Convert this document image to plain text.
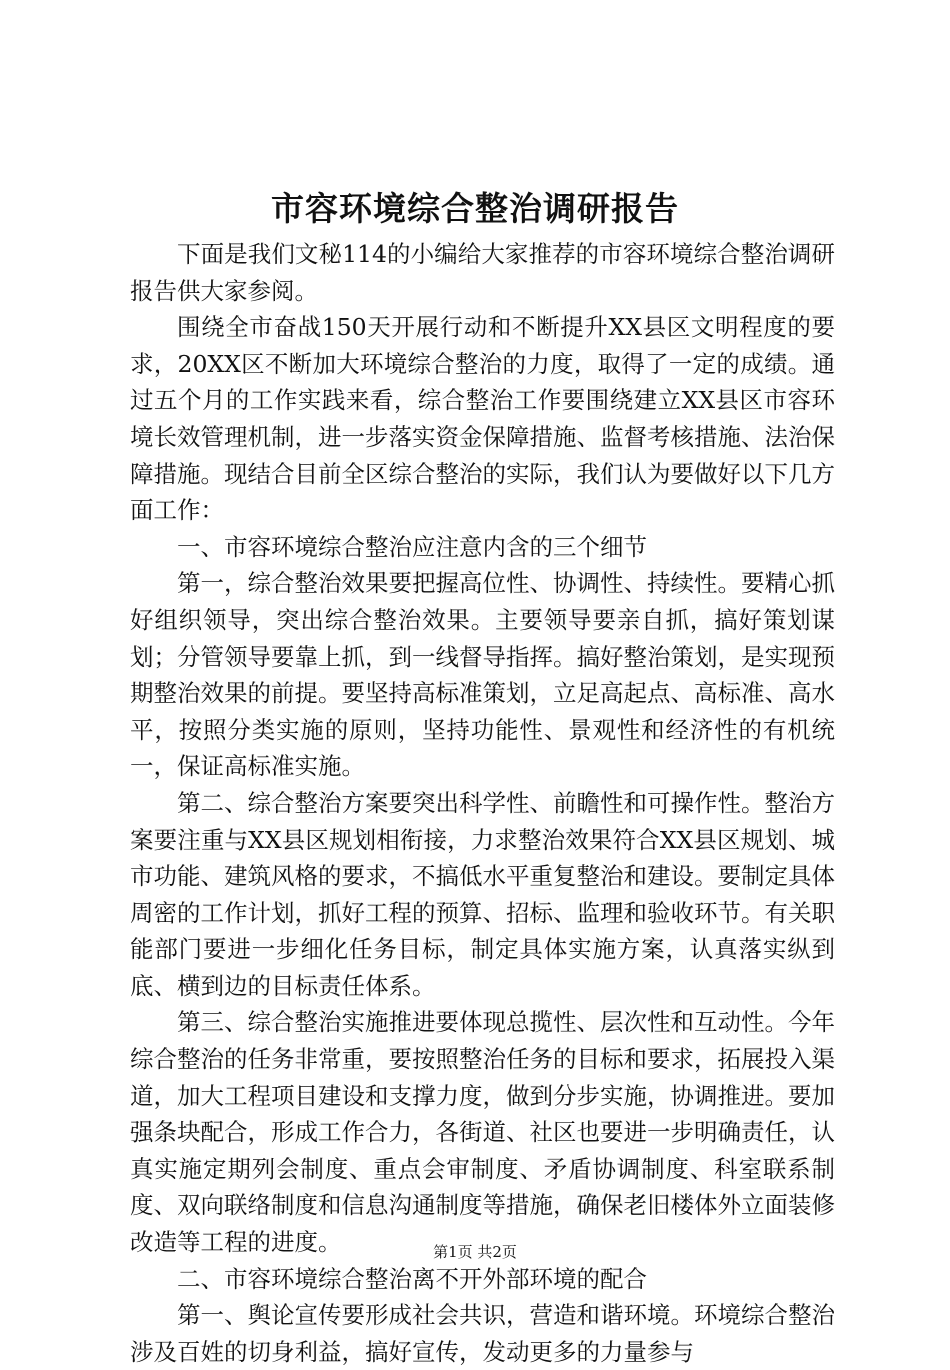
市容环境综合整治调研报告

下面是我们文秘114的小编给大家推荐的市容环境综合整治调研报告供大家参阅。

围绕全市奋战150天开展行动和不断提升XX县区文明程度的要求，20XX区不断加大环境综合整治的力度，取得了一定的成绩。通过五个月的工作实践来看，综合整治工作要围绕建立XX县区市容环境长效管理机制，进一步落实资金保障措施、监督考核措施、法治保障措施。现结合目前全区综合整治的实际，我们认为要做好以下几方面工作：

一、市容环境综合整治应注意内含的三个细节

第一，综合整治效果要把握高位性、协调性、持续性。要精心抓好组织领导，突出综合整治效果。主要领导要亲自抓，搞好策划谋划；分管领导要靠上抓，到一线督导指挥。搞好整治策划，是实现预期整治效果的前提。要坚持高标准策划，立足高起点、高标准、高水平，按照分类实施的原则，坚持功能性、景观性和经济性的有机统一，保证高标准实施。

第二、综合整治方案要突出科学性、前瞻性和可操作性。整治方案要注重与XX县区规划相衔接，力求整治效果符合XX县区规划、城市功能、建筑风格的要求，不搞低水平重复整治和建设。要制定具体周密的工作计划，抓好工程的预算、招标、监理和验收环节。有关职能部门要进一步细化任务目标，制定具体实施方案，认真落实纵到底、横到边的目标责任体系。

第三、综合整治实施推进要体现总揽性、层次性和互动性。今年综合整治的任务非常重，要按照整治任务的目标和要求，拓展投入渠道，加大工程项目建设和支撑力度，做到分步实施，协调推进。要加强条块配合，形成工作合力，各街道、社区也要进一步明确责任，认真实施定期列会制度、重点会审制度、矛盾协调制度、科室联系制度、双向联络制度和信息沟通制度等措施，确保老旧楼体外立面装修改造等工程的进度。

二、市容环境综合整治离不开外部环境的配合

第一、舆论宣传要形成社会共识，营造和谐环境。环境综合整治涉及百姓的切身利益，搞好宣传，发动更多的力量参与

第1页 共2页
